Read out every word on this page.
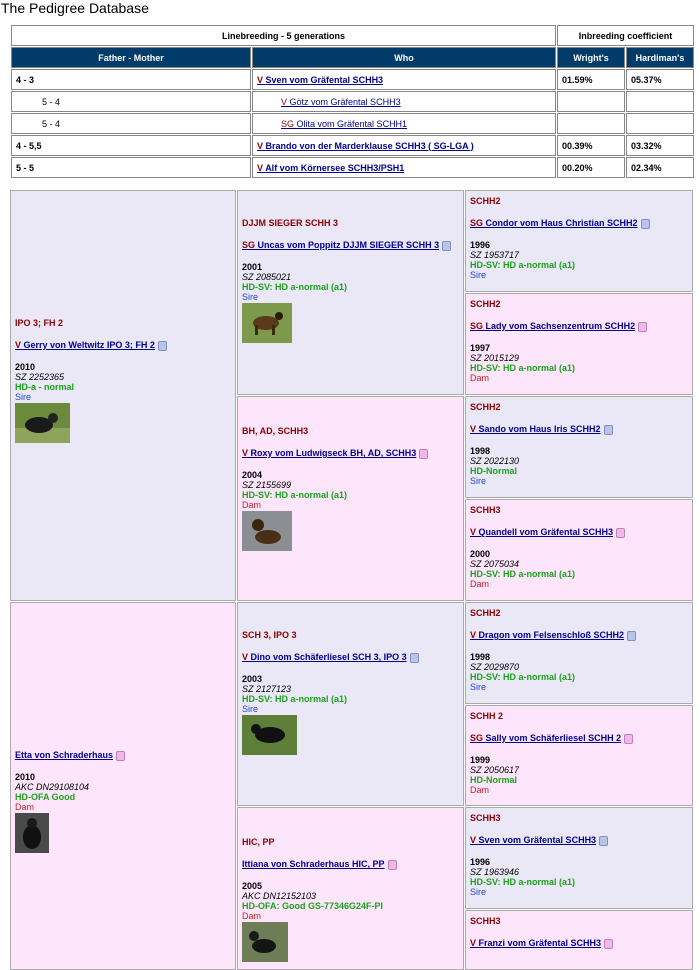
The Pedigree Database
Linebreeding - 5 generations		Inbreeding coefficient	
Father - Mother	Who	Wright's	Hardiman's
4 - 3	V Sven vom Gräfental SCHH3	01.59%	05.37%
5 - 4	V Götz vom Gräfental SCHH3		
5 - 4	SG Olita vom Gräfental SCHH1		
4 - 5,5	V Brando von der Marderklause SCHH3 ( SG-LGA )	00.39%	03.32%
5 - 5	V Alf vom Körnersee SCHH3/PSH1	00.20%	02.34%
IPO 3; FH 2
V Gerry von Weltwitz IPO 3; FH 2
2010
SZ 2252365
HD-a - normal
Sire
Etta von Schraderhaus
2010
AKC DN29108104
HD-OFA Good
Dam
DJJM SIEGER SCHH 3
SG Uncas vom Poppitz DJJM SIEGER SCHH 3
2001
SZ 2085021
HD-SV: HD a-normal (a1)
Sire
BH, AD, SCHH3
V Roxy vom Ludwigseck BH, AD, SCHH3
2004
SZ 2155699
HD-SV: HD a-normal (a1)
Dam
SCH 3, IPO 3
V Dino vom Schäferliesel SCH 3, IPO 3
2003
SZ 2127123
HD-SV: HD a-normal (a1)
Sire
HIC, PP
Ittiana von Schraderhaus HIC, PP
2005
AKC DN12152103
HD-OFA: Good GS-77346G24F-PI
Dam
SCHH2
SG Condor vom Haus Christian SCHH2
1996
SZ 1953717
HD-SV: HD a-normal (a1)
Sire
SCHH2
SG Lady vom Sachsenzentrum SCHH2
1997
SZ 2015129
HD-SV: HD a-normal (a1)
Dam
SCHH2
V Sando vom Haus Iris SCHH2
1998
SZ 2022130
HD-Normal
Sire
SCHH3
V Quandell vom Gräfental SCHH3
2000
SZ 2075034
HD-SV: HD a-normal (a1)
Dam
SCHH2
V Dragon vom Felsenschloß SCHH2
1998
SZ 2029870
HD-SV: HD a-normal (a1)
Sire
SCHH 2
SG Sally vom Schäferliesel SCHH 2
1999
SZ 2050617
HD-Normal
Dam
SCHH3
V Sven vom Gräfental SCHH3
1996
SZ 1963946
HD-SV: HD a-normal (a1)
Sire
SCHH3
V Franzi vom Gräfental SCHH3
